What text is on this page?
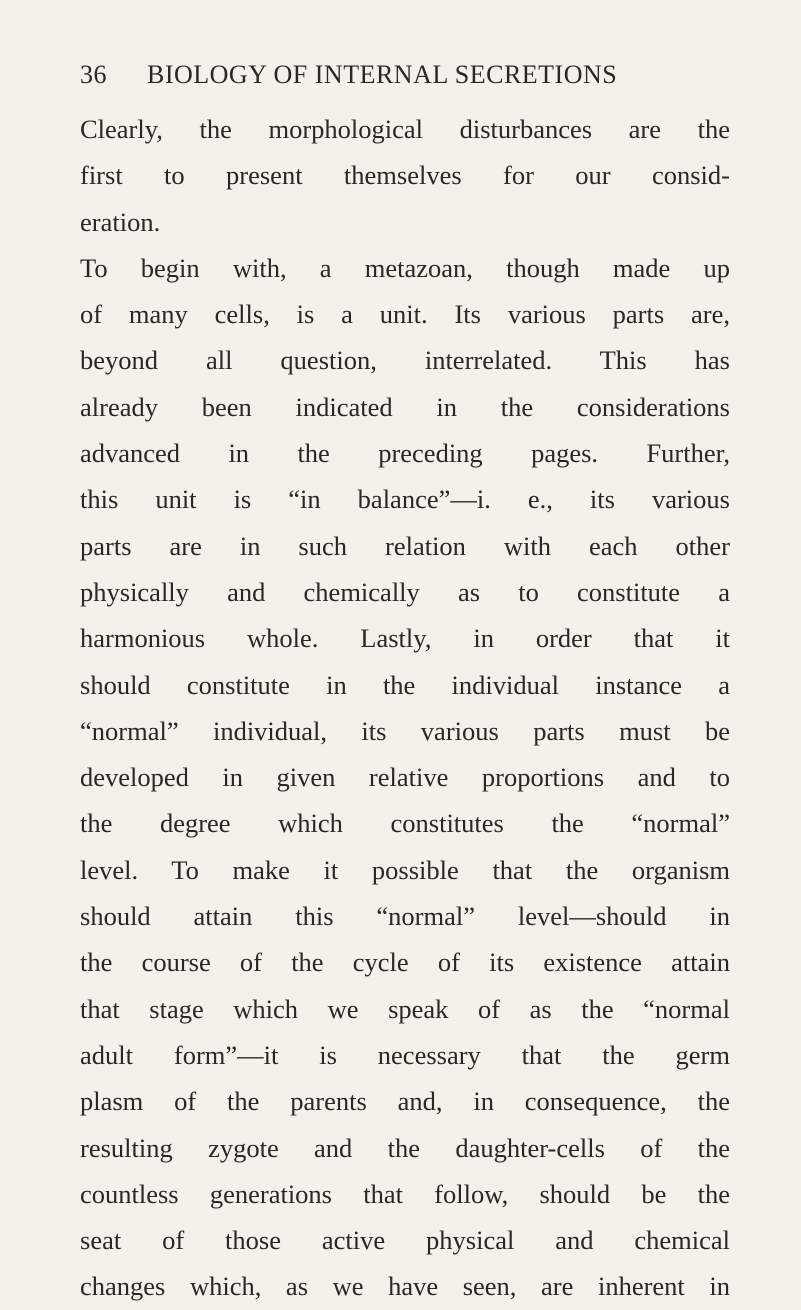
36 BIOLOGY OF INTERNAL SECRETIONS
Clearly, the morphological disturbances are the
first to present themselves for our consid-
eration.
To begin with, a metazoan, though made up
of many cells, is a unit. Its various parts are,
beyond all question, interrelated. This has
already been indicated in the considerations
advanced in the preceding pages. Further,
this unit is “in balance”—i. e., its various
parts are in such relation with each other
physically and chemically as to constitute a
harmonious whole. Lastly, in order that it
should constitute in the individual instance a
“normal” individual, its various parts must be
developed in given relative proportions and to
the degree which constitutes the “normal”
level. To make it possible that the organism
should attain this “normal” level—should in
the course of the cycle of its existence attain
that stage which we speak of as the “normal
adult form”—it is necessary that the germ
plasm of the parents and, in consequence, the
resulting zygote and the daughter-cells of the
countless generations that follow, should be the
seat of those active physical and chemical
changes which, as we have seen, are inherent in
